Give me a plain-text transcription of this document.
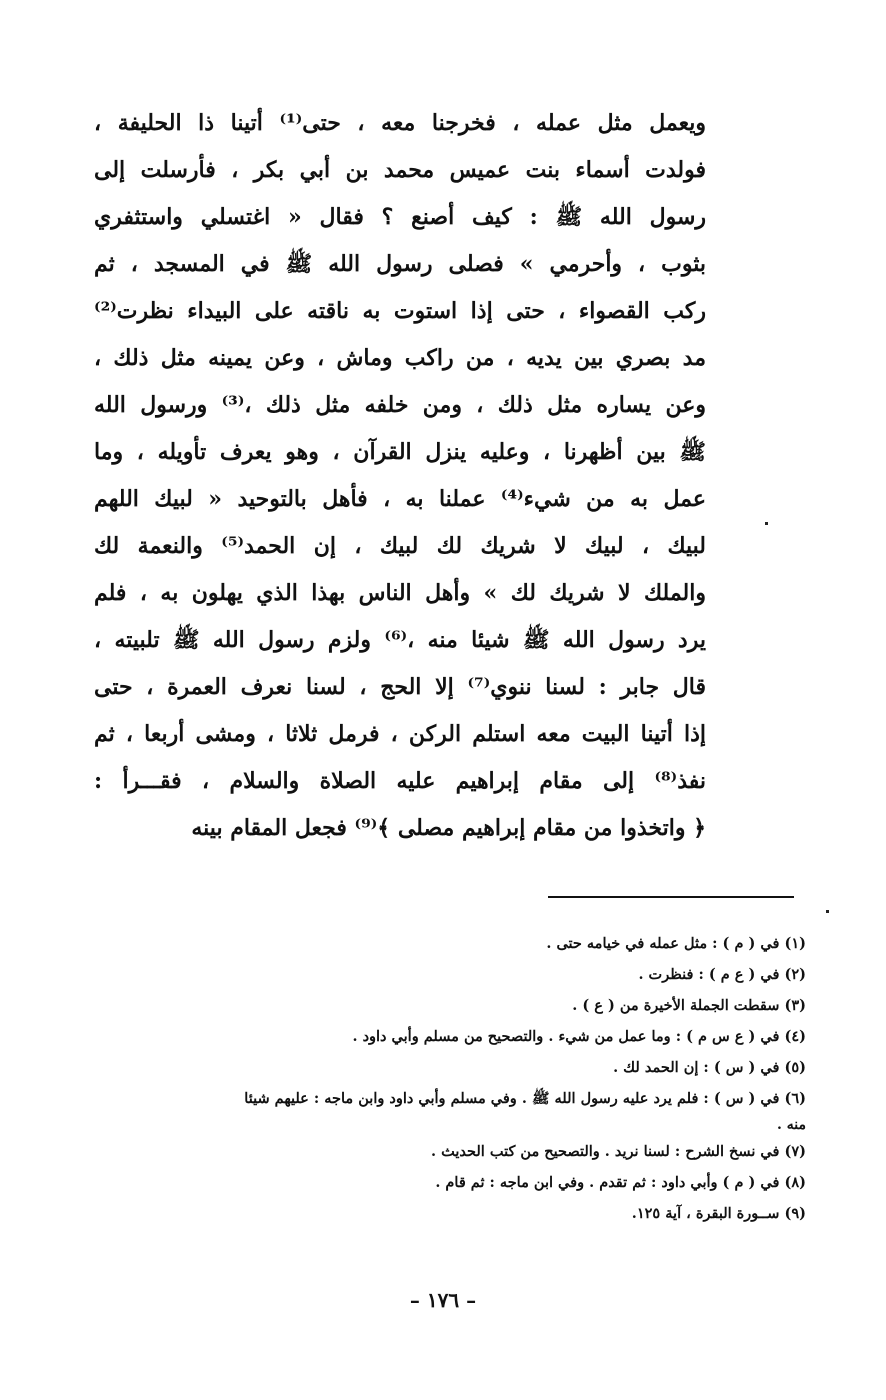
ويعمل مثل عمله ، فخرجنا معه ، حتى⁽¹⁾ أتينا ذا الحليفة ،
فولدت أسماء بنت عميس محمد بن أبي بكر ، فأرسلت إلى
رسول الله ﷺ : كيف أصنع ؟ فقال « اغتسلي واستثفري
بثوب ، وأحرمي » فصلى رسول الله ﷺ في المسجد ، ثم
ركب القصواء ، حتى إذا استوت به ناقته على البيداء نظرت⁽²⁾
مد بصري بين يديه ، من راكب وماش ، وعن يمينه مثل ذلك ،
وعن يساره مثل ذلك ، ومن خلفه مثل ذلك ،⁽³⁾ ورسول الله
ﷺ بين أظهرنا ، وعليه ينزل القرآن ، وهو يعرف تأويله ، وما
عمل به من شيء⁽⁴⁾ عملنا به ، فأهل بالتوحيد « لبيك اللهم
لبيك ، لبيك لا شريك لك لبيك ، إن الحمد⁽⁵⁾ والنعمة لك
والملك لا شريك لك » وأهل الناس بهذا الذي يهلون به ، فلم
يرد رسول الله ﷺ شيئا منه ،⁽⁶⁾ ولزم رسول الله ﷺ تلبيته ،
قال جابر : لسنا ننوي⁽⁷⁾ إلا الحج ، لسنا نعرف العمرة ، حتى
إذا أتينا البيت معه استلم الركن ، فرمل ثلاثا ، ومشى أربعا ، ثم
نفذ⁽⁸⁾ إلى مقام إبراهيم عليه الصلاة والسلام ، فقـــرأ :
﴿ واتخذوا من مقام إبراهيم مصلى ﴾⁽⁹⁾ فجعل المقام بينه
(١) في ( م ) : مثل عمله في خيامه حتى .
(٢) في ( ع م ) : فنظرت .
(٣) سقطت الجملة الأخيرة من ( ع ) .
(٤) في ( ع س م ) : وما عمل من شيء . والتصحيح من مسلم وأبي داود .
(٥) في ( س ) : إن الحمد لك .
(٦) في ( س ) : فلم يرد عليه رسول الله ﷺ . وفي مسلم وأبي داود وابن ماجه : عليهم شيئا
منه .
(٧) في نسخ الشرح : لسنا نريد . والتصحيح من كتب الحديث .
(٨) في ( م ) وأبي داود : ثم تقدم . وفي ابن ماجه : ثم قام .
(٩) ســورة البقرة ، آية ١٢٥.
– ١٧٦ –
